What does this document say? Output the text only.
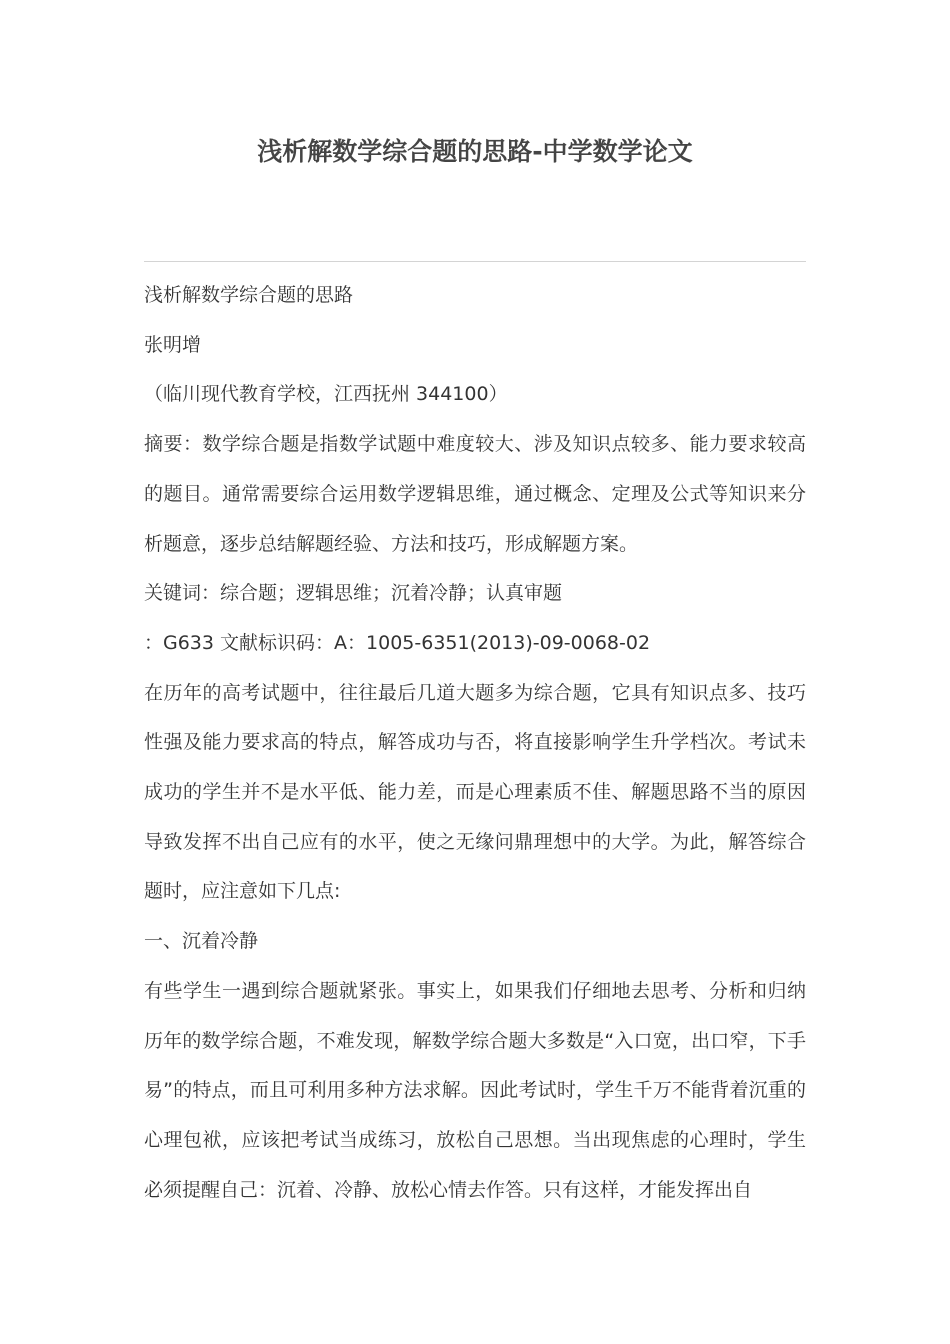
浅析解数学综合题的思路-中学数学论文

浅析解数学综合题的思路

张明增

（临川现代教育学校，江西抚州 344100）

摘要：数学综合题是指数学试题中难度较大、涉及知识点较多、能力要求较高的题目。通常需要综合运用数学逻辑思维，通过概念、定理及公式等知识来分析题意，逐步总结解题经验、方法和技巧，形成解题方案。

关键词：综合题；逻辑思维；沉着冷静；认真审题

：G633 文献标识码：A：1005-6351(2013)-09-0068-02

在历年的高考试题中，往往最后几道大题多为综合题，它具有知识点多、技巧性强及能力要求高的特点，解答成功与否，将直接影响学生升学档次。考试未成功的学生并不是水平低、能力差，而是心理素质不佳、解题思路不当的原因导致发挥不出自己应有的水平，使之无缘问鼎理想中的大学。为此，解答综合题时，应注意如下几点:

一、沉着冷静

有些学生一遇到综合题就紧张。事实上，如果我们仔细地去思考、分析和归纳历年的数学综合题，不难发现，解数学综合题大多数是“入口宽，出口窄，下手易”的特点，而且可利用多种方法求解。因此考试时，学生千万不能背着沉重的心理包袱，应该把考试当成练习，放松自己思想。当出现焦虑的心理时，学生必须提醒自己：沉着、冷静、放松心情去作答。只有这样，才能发挥出自
